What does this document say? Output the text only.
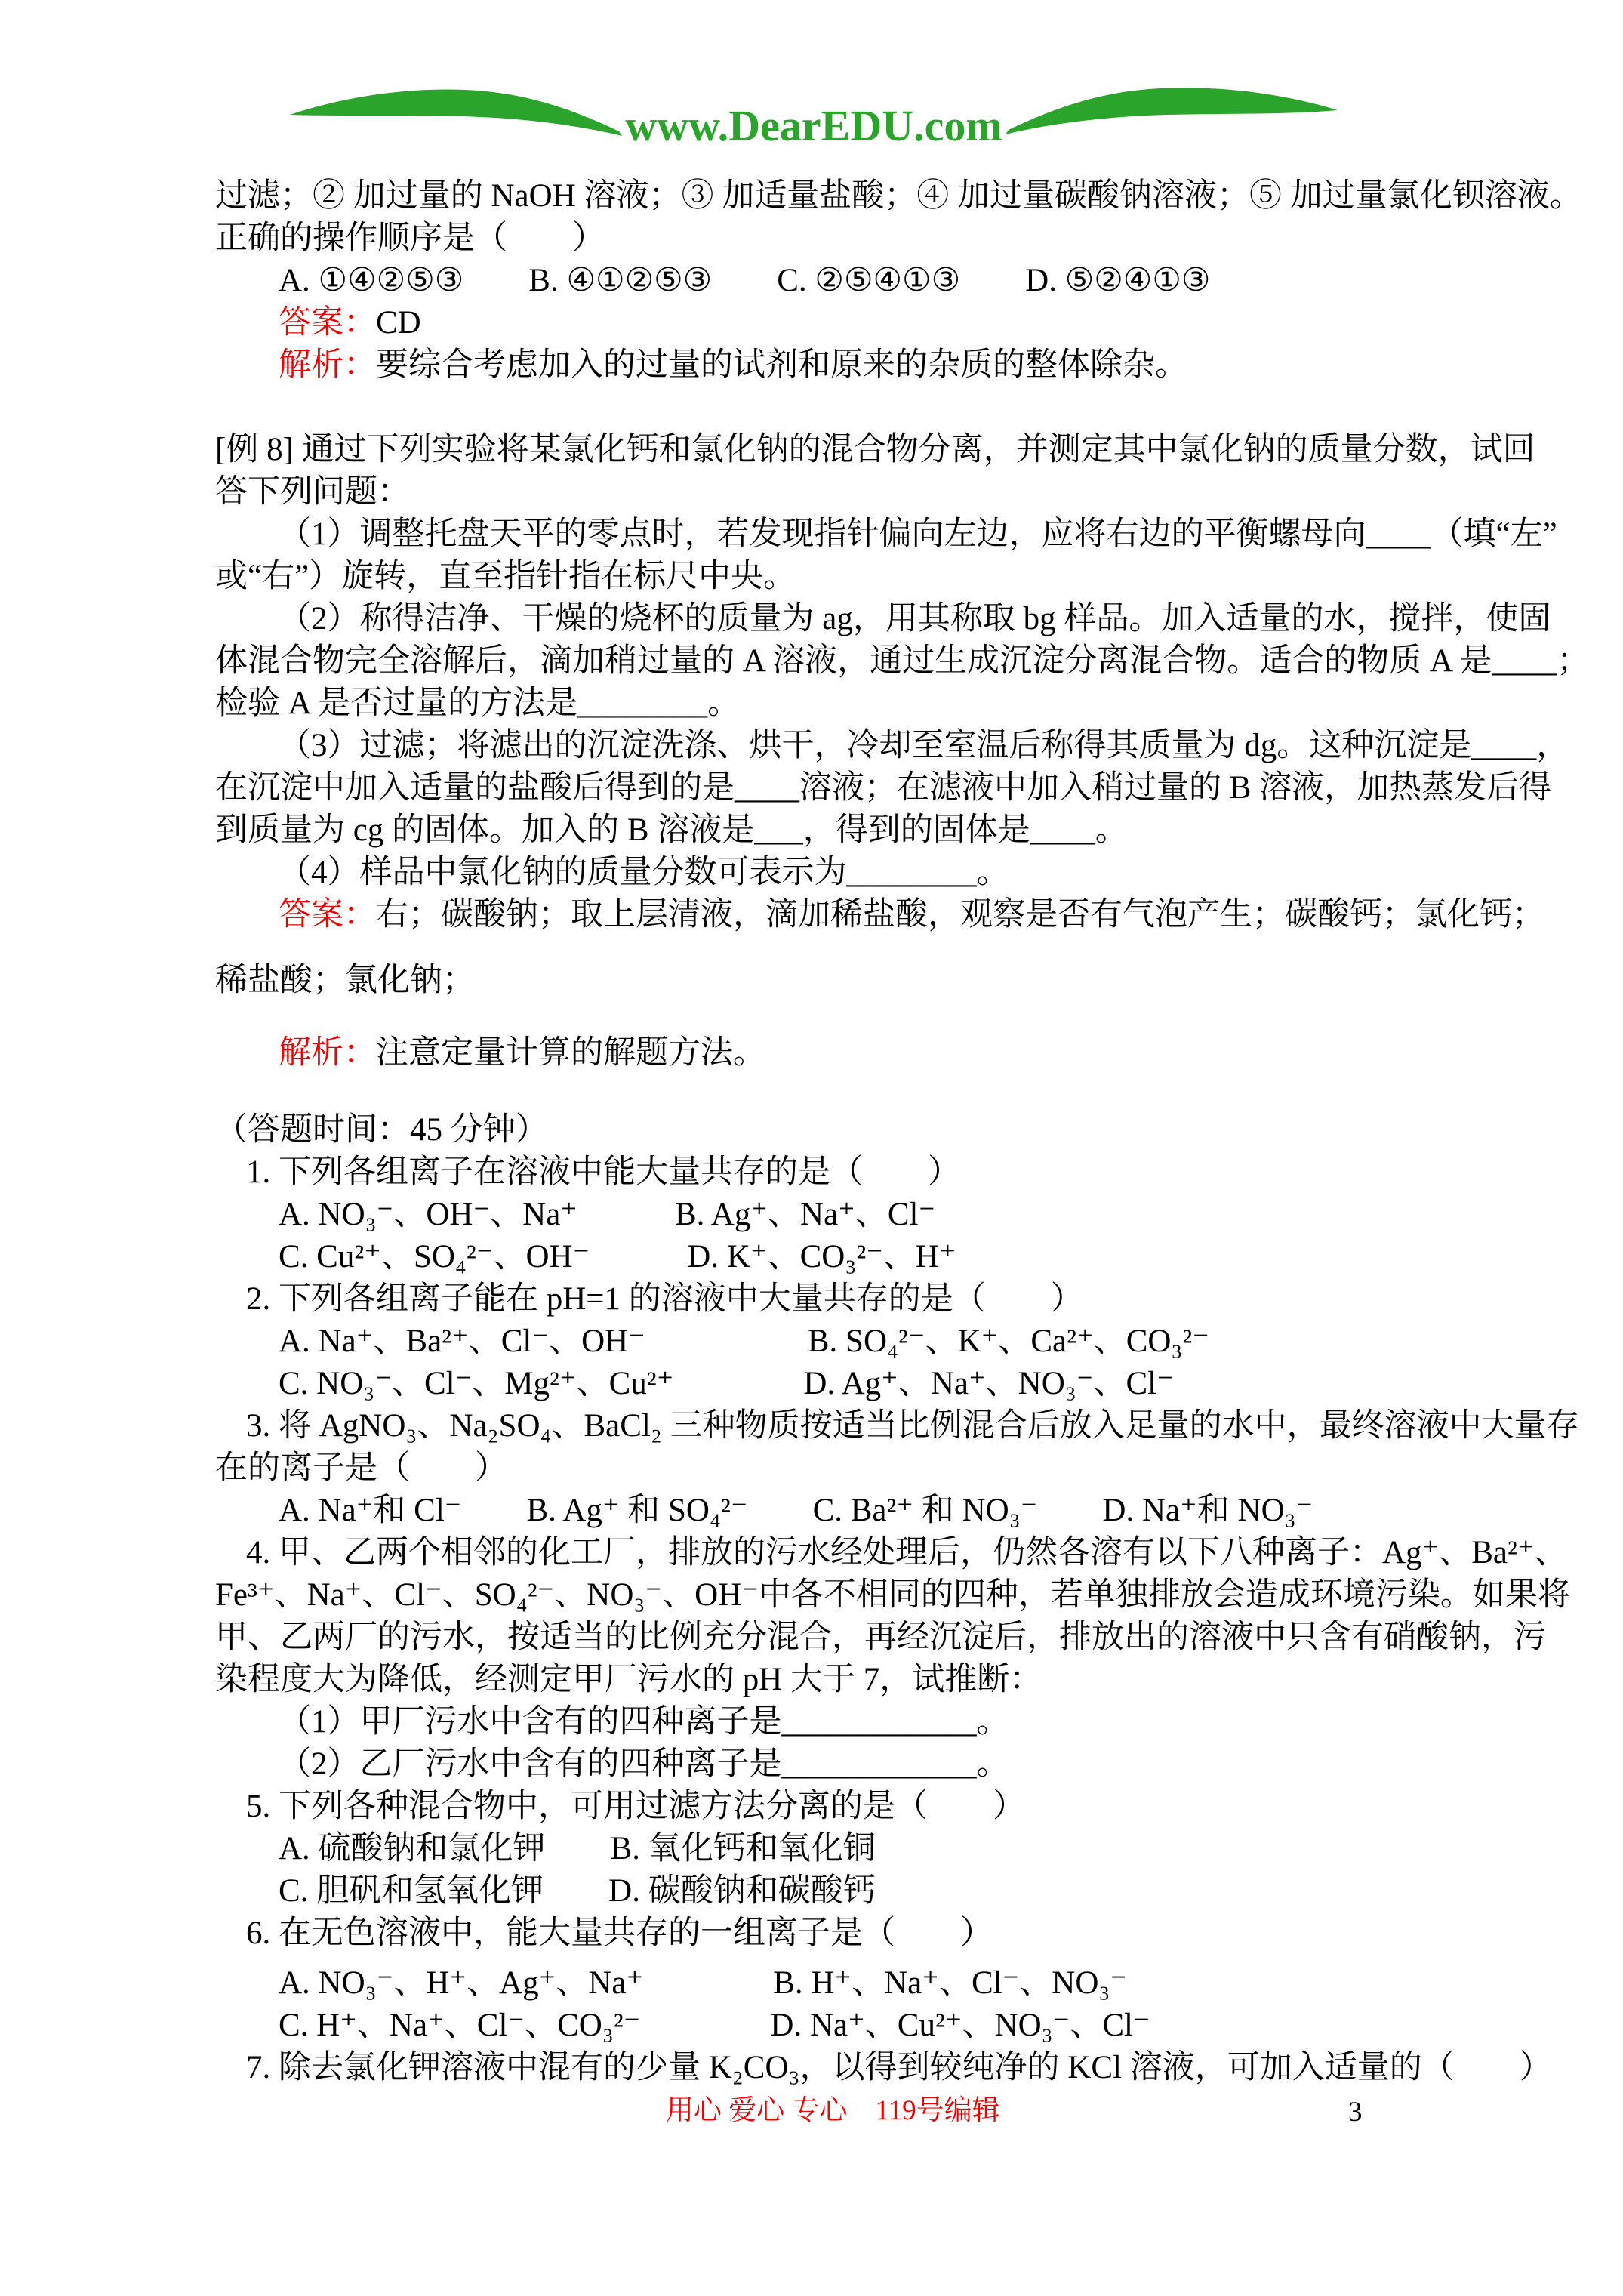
www.DearEDU.com
过滤；② 加过量的 NaOH 溶液；③ 加适量盐酸；④ 加过量碳酸钠溶液；⑤ 加过量氯化钡溶液。
正确的操作顺序是（　　）
A. ①④②⑤③　　B. ④①②⑤③　　C. ②⑤④①③　　D. ⑤②④①③
答案：CD
解析：要综合考虑加入的过量的试剂和原来的杂质的整体除杂。
[例 8] 通过下列实验将某氯化钙和氯化钠的混合物分离，并测定其中氯化钠的质量分数，试回
答下列问题：
（1）调整托盘天平的零点时，若发现指针偏向左边，应将右边的平衡螺母向____（填“左”
或“右”）旋转，直至指针指在标尺中央。
（2）称得洁净、干燥的烧杯的质量为 ag，用其称取 bg 样品。加入适量的水，搅拌，使固
体混合物完全溶解后，滴加稍过量的 A 溶液，通过生成沉淀分离混合物。适合的物质 A 是____；
检验 A 是否过量的方法是________。
（3）过滤；将滤出的沉淀洗涤、烘干，冷却至室温后称得其质量为 dg。这种沉淀是____，
在沉淀中加入适量的盐酸后得到的是____溶液；在滤液中加入稍过量的 B 溶液，加热蒸发后得
到质量为 cg 的固体。加入的 B 溶液是___，得到的固体是____。
（4）样品中氯化钠的质量分数可表示为________。
答案：右；碳酸钠；取上层清液，滴加稀盐酸，观察是否有气泡产生；碳酸钙；氯化钙；
稀盐酸；氯化钠；
解析：注意定量计算的解题方法。
（答题时间：45 分钟）
1. 下列各组离子在溶液中能大量共存的是（　　）
A. NO₃⁻、OH⁻、Na⁺　　　B. Ag⁺、Na⁺、Cl⁻
C. Cu²⁺、SO₄²⁻、OH⁻　　　D. K⁺、CO₃²⁻、H⁺
2. 下列各组离子能在 pH=1 的溶液中大量共存的是（　　）
A. Na⁺、Ba²⁺、Cl⁻、OH⁻　　　　　B. SO₄²⁻、K⁺、Ca²⁺、CO₃²⁻
C. NO₃⁻、Cl⁻、Mg²⁺、Cu²⁺　　　　D. Ag⁺、Na⁺、NO₃⁻、Cl⁻
3. 将 AgNO₃、Na₂SO₄、BaCl₂ 三种物质按适当比例混合后放入足量的水中，最终溶液中大量存
在的离子是（　　）
A. Na⁺和 Cl⁻　　B. Ag⁺ 和 SO₄²⁻　　C. Ba²⁺ 和 NO₃⁻　　D. Na⁺和 NO₃⁻
4. 甲、乙两个相邻的化工厂，排放的污水经处理后，仍然各溶有以下八种离子：Ag⁺、Ba²⁺、
Fe³⁺、Na⁺、Cl⁻、SO₄²⁻、NO₃⁻、OH⁻中各不相同的四种，若单独排放会造成环境污染。如果将
甲、乙两厂的污水，按适当的比例充分混合，再经沉淀后，排放出的溶液中只含有硝酸钠，污
染程度大为降低，经测定甲厂污水的 pH 大于 7，试推断：
（1）甲厂污水中含有的四种离子是____________。
（2）乙厂污水中含有的四种离子是____________。
5. 下列各种混合物中，可用过滤方法分离的是（　　）
A. 硫酸钠和氯化钾　　B. 氧化钙和氧化铜
C. 胆矾和氢氧化钾　　D. 碳酸钠和碳酸钙
6. 在无色溶液中，能大量共存的一组离子是（　　）
A. NO₃⁻、H⁺、Ag⁺、Na⁺　　　　B. H⁺、Na⁺、Cl⁻、NO₃⁻
C. H⁺、Na⁺、Cl⁻、CO₃²⁻　　　　D. Na⁺、Cu²⁺、NO₃⁻、Cl⁻
7. 除去氯化钾溶液中混有的少量 K₂CO₃，以得到较纯净的 KCl 溶液，可加入适量的（　　）
用心 爱心 专心　119号编辑	3
